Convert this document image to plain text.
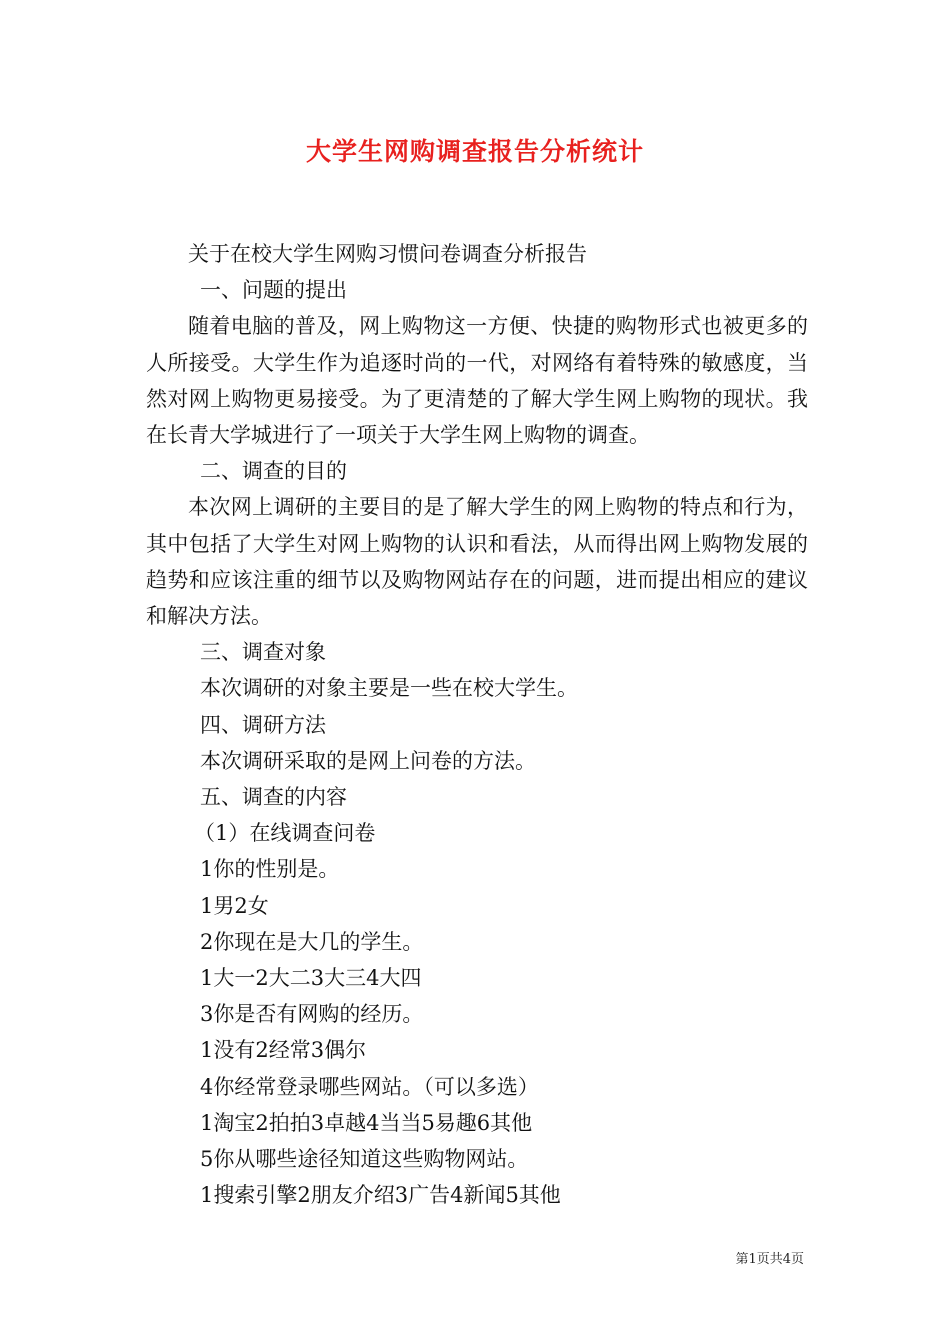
大学生网购调查报告分析统计

关于在校大学生网购习惯问卷调查分析报告

一、问题的提出

随着电脑的普及，网上购物这一方便、快捷的购物形式也被更多的人所接受。大学生作为追逐时尚的一代，对网络有着特殊的敏感度，当然对网上购物更易接受。为了更清楚的了解大学生网上购物的现状。我在长青大学城进行了一项关于大学生网上购物的调查。

二、调查的目的

本次网上调研的主要目的是了解大学生的网上购物的特点和行为，其中包括了大学生对网上购物的认识和看法，从而得出网上购物发展的趋势和应该注重的细节以及购物网站存在的问题，进而提出相应的建议和解决方法。

三、调查对象

本次调研的对象主要是一些在校大学生。

四、调研方法

本次调研采取的是网上问卷的方法。

五、调查的内容

（1）在线调查问卷

1你的性别是。

1男2女

2你现在是大几的学生。

1大一2大二3大三4大四

3你是否有网购的经历。

1没有2经常3偶尔

4你经常登录哪些网站。（可以多选）

1淘宝2拍拍3卓越4当当5易趣6其他

5你从哪些途径知道这些购物网站。

1搜索引擎2朋友介绍3广告4新闻5其他

第1页共4页
